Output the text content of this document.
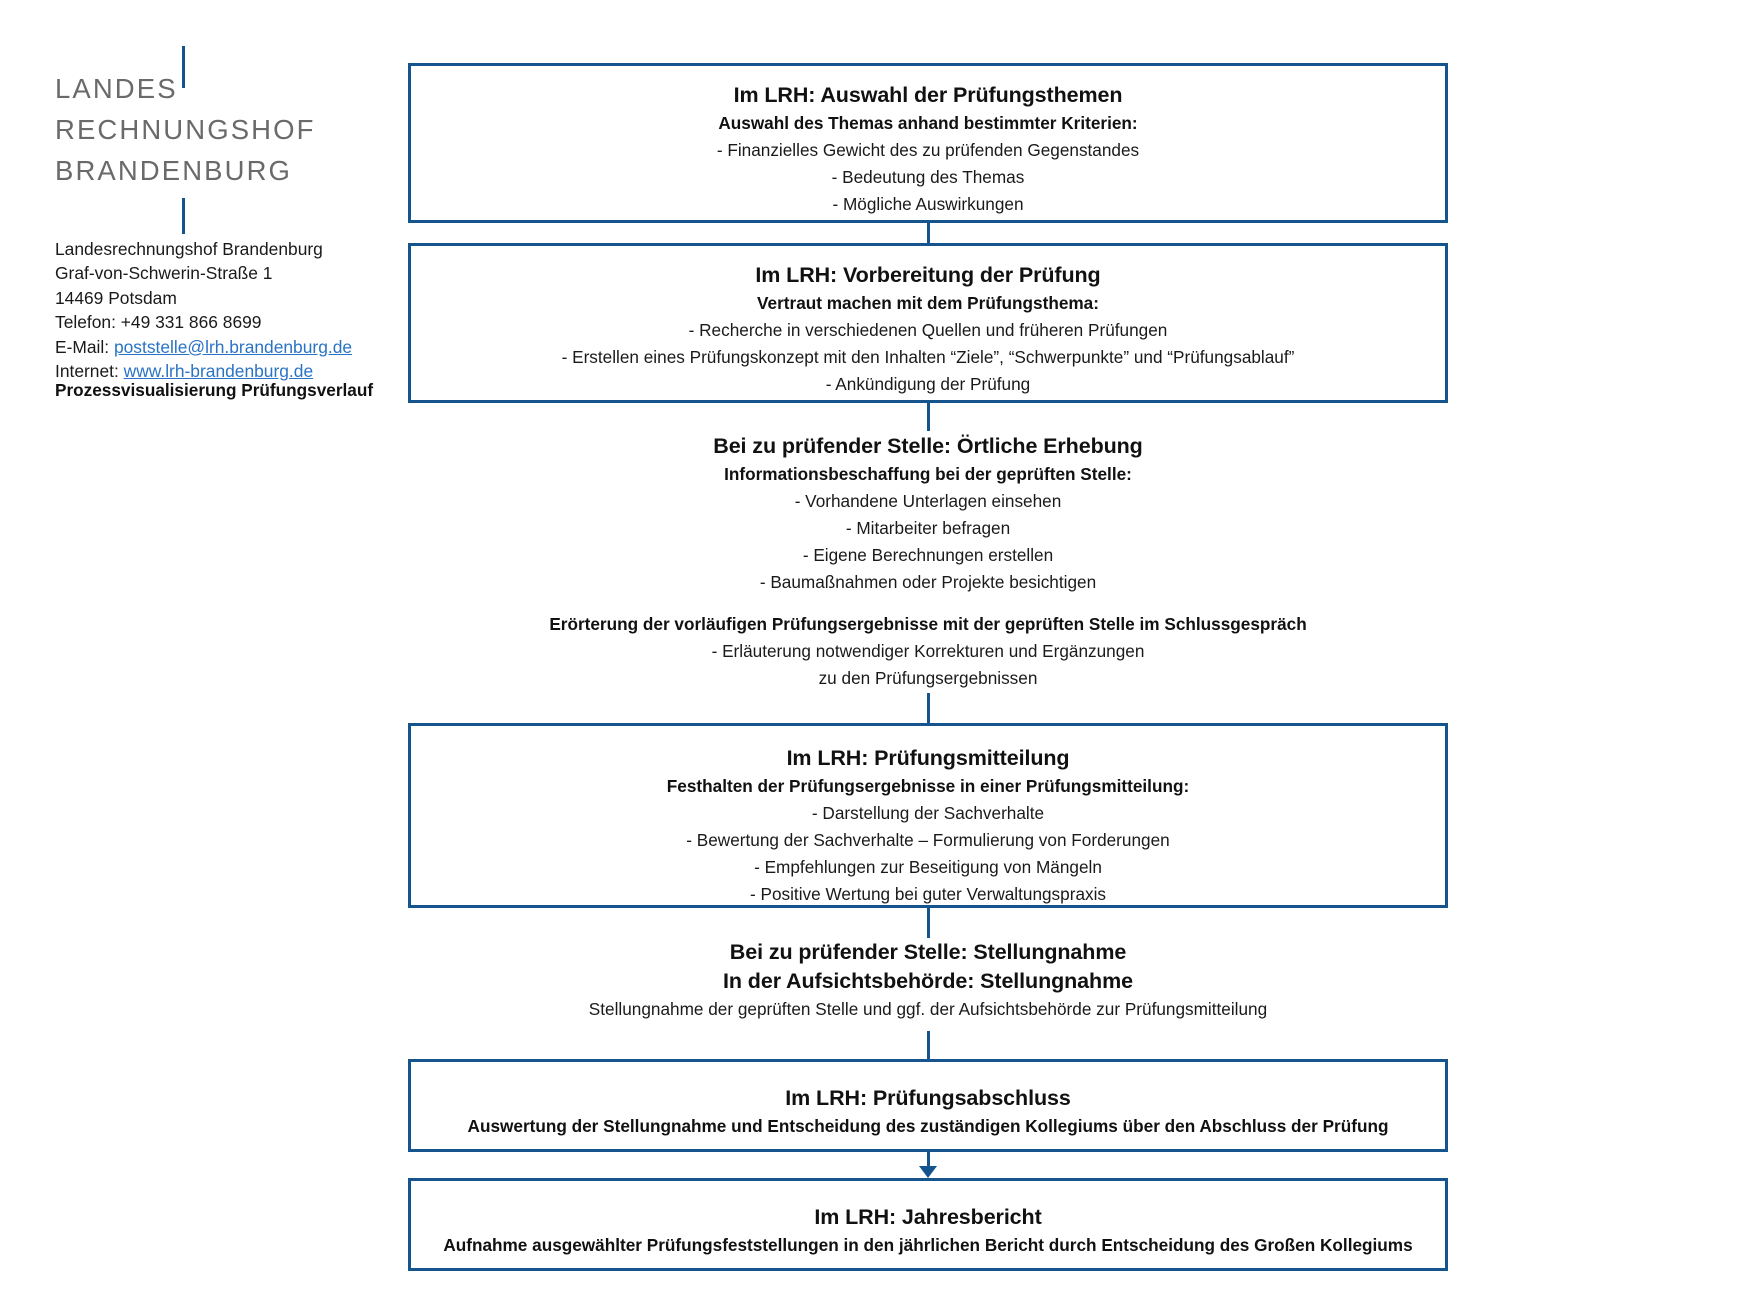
LANDES
RECHNUNGSHOF
BRANDENBURG
Landesrechnungshof Brandenburg
Graf-von-Schwerin-Straße 1
14469 Potsdam
Telefon: +49 331 866 8699
E-Mail: poststelle@lrh.brandenburg.de
Internet: www.lrh-brandenburg.de
Prozessvisualisierung Prüfungsverlauf
Im LRH: Auswahl der Prüfungsthemen
Auswahl des Themas anhand bestimmter Kriterien:
- Finanzielles Gewicht des zu prüfenden Gegenstandes
- Bedeutung des Themas
- Mögliche Auswirkungen
Im LRH: Vorbereitung der Prüfung
Vertraut machen mit dem Prüfungsthema:
- Recherche in verschiedenen Quellen und früheren Prüfungen
- Erstellen eines Prüfungskonzept mit den Inhalten “Ziele”, “Schwerpunkte” und “Prüfungsablauf”
- Ankündigung der Prüfung
Bei zu prüfender Stelle: Örtliche Erhebung
Informationsbeschaffung bei der geprüften Stelle:
- Vorhandene Unterlagen einsehen
- Mitarbeiter befragen
- Eigene Berechnungen erstellen
- Baumaßnahmen oder Projekte besichtigen
Erörterung der vorläufigen Prüfungsergebnisse mit der geprüften Stelle im Schlussgespräch
- Erläuterung notwendiger Korrekturen und Ergänzungen
zu den Prüfungsergebnissen
Im LRH: Prüfungsmitteilung
Festhalten der Prüfungsergebnisse in einer Prüfungsmitteilung:
- Darstellung der Sachverhalte
- Bewertung der Sachverhalte – Formulierung von Forderungen
- Empfehlungen zur Beseitigung von Mängeln
- Positive Wertung bei guter Verwaltungspraxis
Bei zu prüfender Stelle: Stellungnahme
In der Aufsichtsbehörde: Stellungnahme
Stellungnahme der geprüften Stelle und ggf. der Aufsichtsbehörde zur Prüfungsmitteilung
Im LRH: Prüfungsabschluss
Auswertung der Stellungnahme und Entscheidung des zuständigen Kollegiums über den Abschluss der Prüfung
Im LRH: Jahresbericht
Aufnahme ausgewählter Prüfungsfeststellungen in den jährlichen Bericht durch Entscheidung des Großen Kollegiums
